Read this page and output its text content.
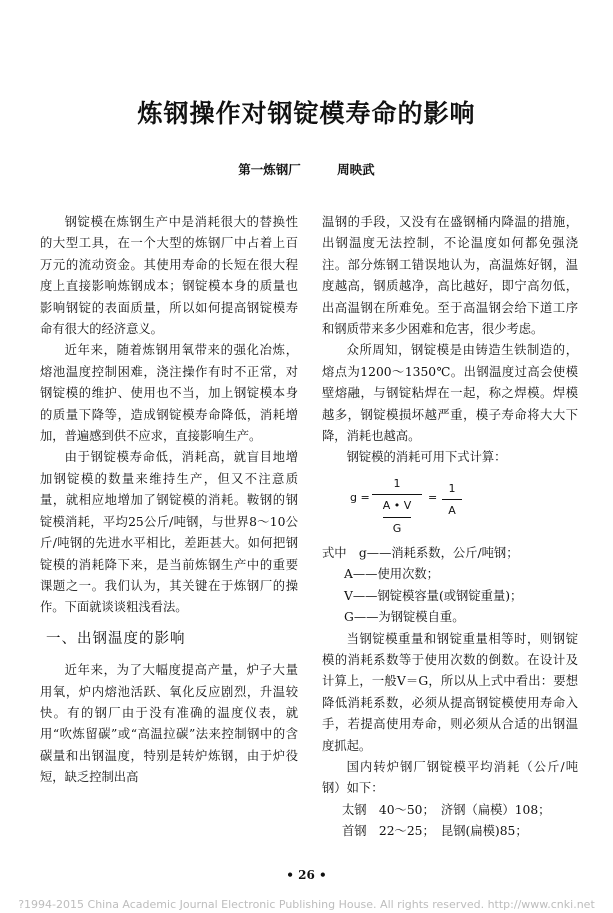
炼钢操作对钢锭模寿命的影响
第一炼钢厂	周映武

钢锭模在炼钢生产中是消耗很大的替换性的大型工具，在一个大型的炼钢厂中占着上百万元的流动资金。其使用寿命的长短在很大程度上直接影响炼钢成本；钢锭模本身的质量也影响钢锭的表面质量，所以如何提高钢锭模寿命有很大的经济意义。

近年来，随着炼钢用氧带来的强化冶炼，熔池温度控制困难，浇注操作有时不正常，对钢锭模的维护、使用也不当，加上钢锭模本身的质量下降等，造成钢锭模寿命降低，消耗增加，普遍感到供不应求，直接影响生产。

由于钢锭模寿命低，消耗高，就盲目地增加钢锭模的数量来维持生产，但又不注意质量，就相应地增加了钢锭模的消耗。鞍钢的钢锭模消耗，平均25公斤/吨钢，与世界8～10公斤/吨钢的先进水平相比，差距甚大。如何把钢锭模的消耗降下来，是当前炼钢生产中的重要课题之一。我们认为，其关键在于炼钢厂的操作。下面就谈谈粗浅看法。

一、出钢温度的影响

近年来，为了大幅度提高产量，炉子大量用氧，炉内熔池活跃、氧化反应剧烈，升温较快。有的钢厂由于没有准确的温度仪表，就用“吹炼留碳”或“高温拉碳”法来控制钢中的含碳量和出钢温度，特别是转炉炼钢，由于炉役短，缺乏控制出高

温钢的手段，又没有在盛钢桶内降温的措施，出钢温度无法控制，不论温度如何都免强浇注。部分炼钢工错误地认为，高温炼好钢，温度越高，钢质越净，高比越好，即宁高勿低，出高温钢在所难免。至于高温钢会给下道工序和钢质带来多少困难和危害，很少考虑。

众所周知，钢锭模是由铸造生铁制造的，熔点为1200～1350℃。出钢温度过高会使模壁熔融，与钢锭粘焊在一起，称之焊模。焊模越多，钢锭模损坏越严重，模子寿命将大大下降，消耗也越高。

钢锭模的消耗可用下式计算：

g =
1
$\frac{A • V}{G}$ =
1
A
式中　 g——消耗系数，公斤/吨钢；
A——使用次数；
V——钢锭模容量(或钢锭重量)；
G——为钢锭模自重。

当钢锭模重量和钢锭重量相等时，则钢锭模的消耗系数等于使用次数的倒数。在设计及计算上，一般V＝G，所以从上式中看出：要想降低消耗系数，必须从提高钢锭模使用寿命入手，若提高使用寿命，则必须从合适的出钢温度抓起。

国内转炉钢厂钢锭模平均消耗（公斤/吨钢）如下：

太钢　40～50；　济钢（扁模）108；
首钢　22～25；　昆钢(扁模)85；
• 26 •
?1994-2015 China Academic Journal Electronic Publishing House. All rights reserved. http://www.cnki.net
